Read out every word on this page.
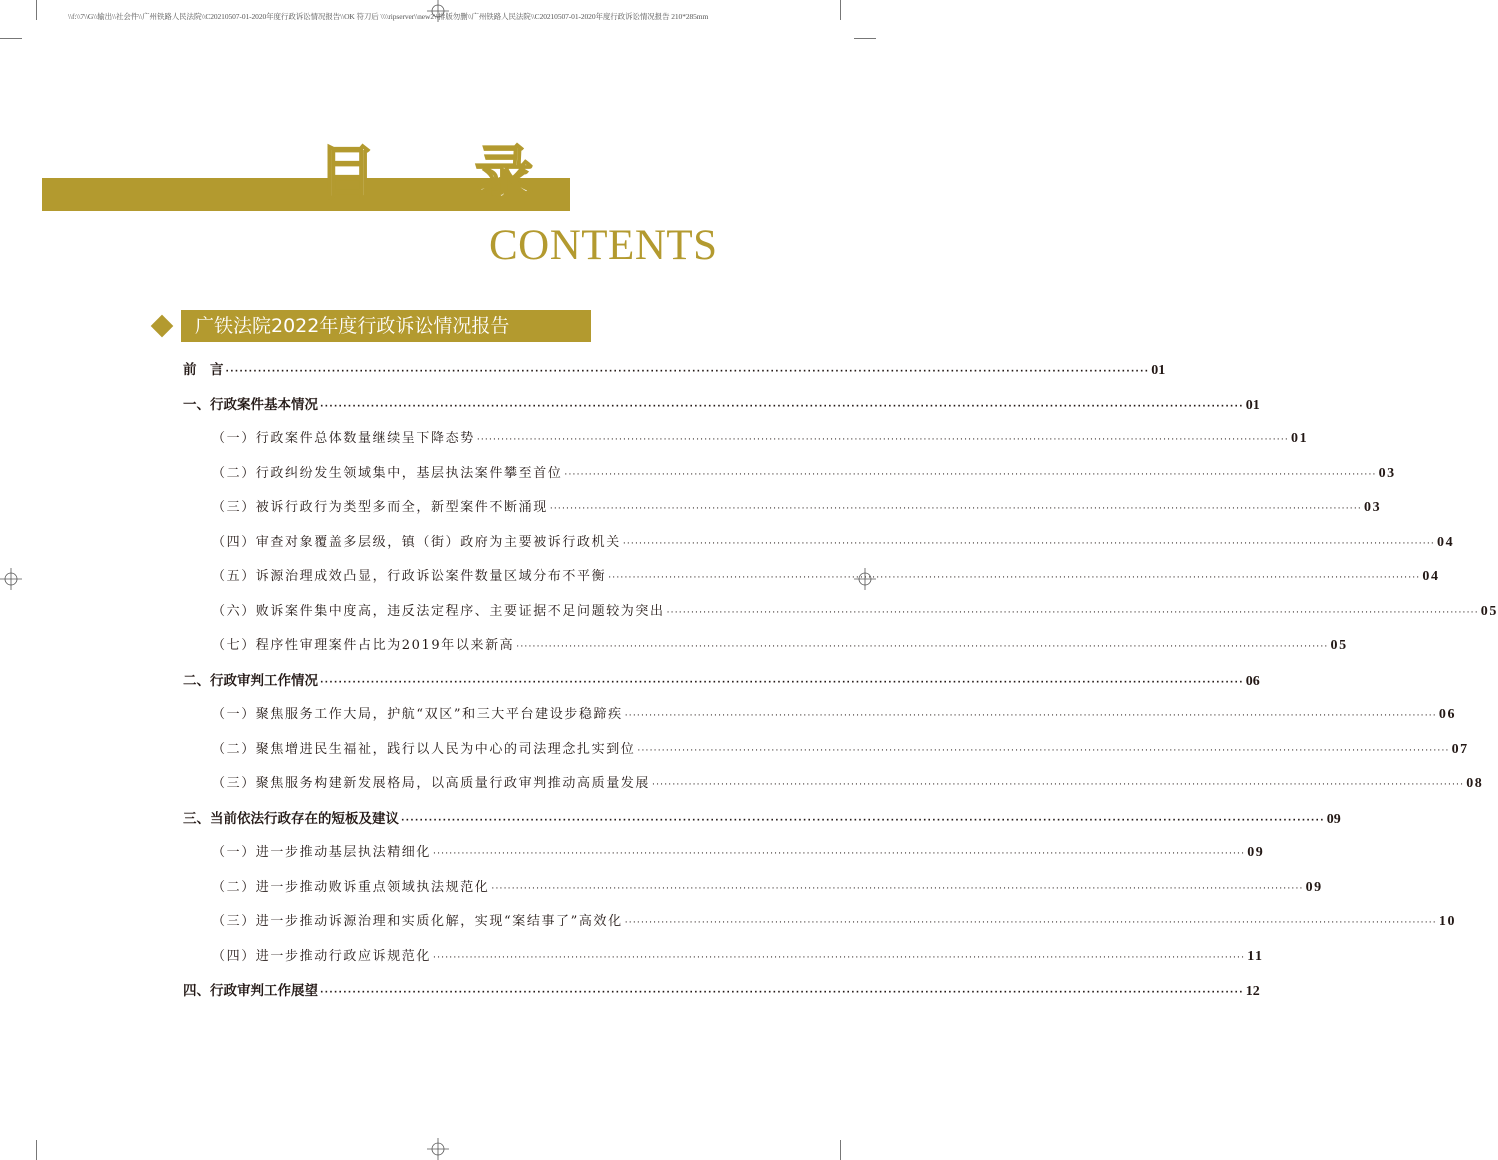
\\f:\\7\\G\\输出\\社会件\\广州铁路人民法院\\C20210507-01-2020年度行政诉讼情况报告\\OK 符刀后 \\\\ripserver\\new2\\排版勿删\\广州铁路人民法院\\C20210507-01-2020年度行政诉讼情况报告 210*285mm
目 录
CONTENTS
广铁法院2022年度行政诉讼情况报告
前　言 ········································································································································································································ 01
一、行政案件基本情况 ········································································································································································································ 01
（一）行政案件总体数量继续呈下降态势 ········································································································································································································ 01
（二）行政纠纷发生领域集中，基层执法案件攀至首位 ········································································································································································································ 03
（三）被诉行政行为类型多而全，新型案件不断涌现 ········································································································································································································ 03
（四）审查对象覆盖多层级，镇（街）政府为主要被诉行政机关 ········································································································································································································ 04
（五）诉源治理成效凸显，行政诉讼案件数量区域分布不平衡 ········································································································································································································ 04
（六）败诉案件集中度高，违反法定程序、主要证据不足问题较为突出 ········································································································································································································ 05
（七）程序性审理案件占比为2019年以来新高 ········································································································································································································ 05
二、行政审判工作情况 ········································································································································································································ 06
（一）聚焦服务工作大局，护航“双区”和三大平台建设步稳蹄疾 ········································································································································································································ 06
（二）聚焦增进民生福祉，践行以人民为中心的司法理念扎实到位 ········································································································································································································ 07
（三）聚焦服务构建新发展格局，以高质量行政审判推动高质量发展 ········································································································································································································ 08
三、当前依法行政存在的短板及建议 ········································································································································································································ 09
（一）进一步推动基层执法精细化 ········································································································································································································ 09
（二）进一步推动败诉重点领域执法规范化 ········································································································································································································ 09
（三）进一步推动诉源治理和实质化解，实现“案结事了”高效化 ········································································································································································································ 10
（四）进一步推动行政应诉规范化 ········································································································································································································ 11
四、行政审判工作展望 ········································································································································································································ 12
